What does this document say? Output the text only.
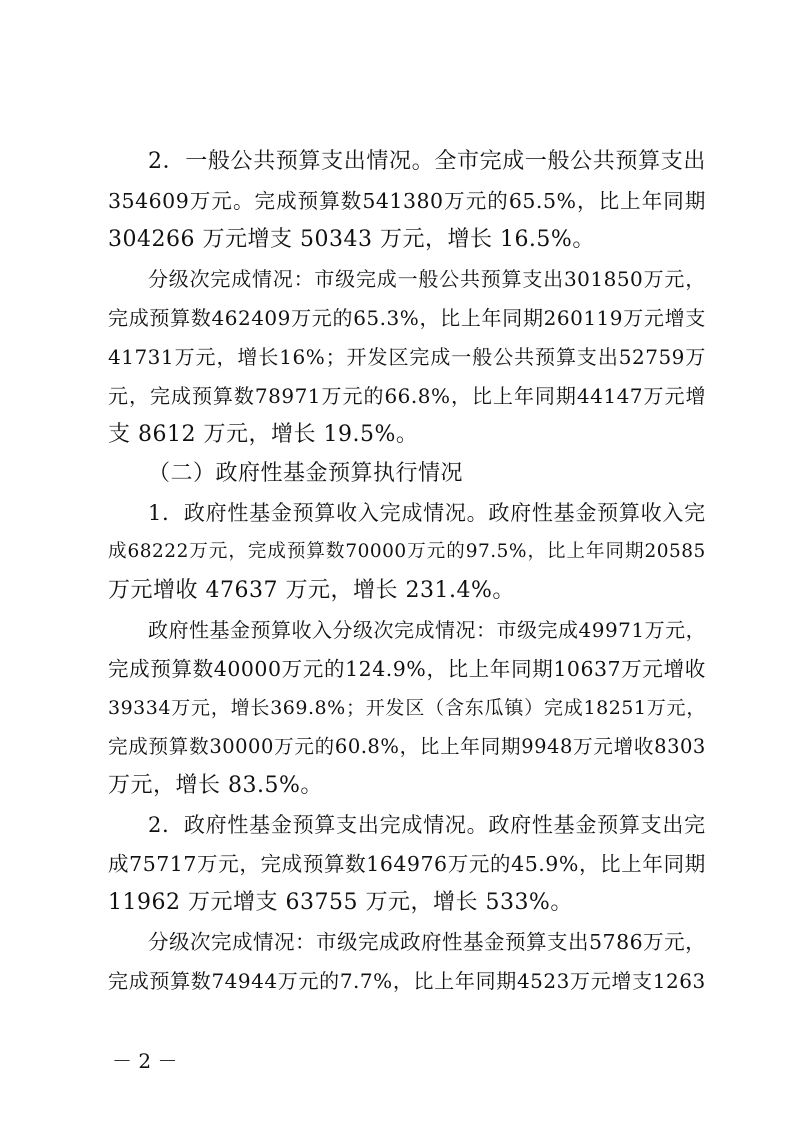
2 ． 一 般 公 共 预 算 支 出 情 况 。 全 市 完 成 一 般 公 共 预 算 支 出
354609 万 元 。 完 成 预 算 数 541380 万 元 的 65.5% ， 比 上 年 同 期
304266 万元增支 50343 万元，增长 16.5%。
分 级 次 完 成 情 况 ： 市 级 完 成 一 般 公 共 预 算 支 出 301850 万 元 ，
完 成 预 算 数 462409 万 元 的 65.3% ， 比 上 年 同 期 260119 万 元 增 支
41731 万 元 ， 增 长 16% ； 开 发 区 完 成 一 般 公 共 预 算 支 出 52759 万
元 ， 完 成 预 算 数 78971 万 元 的 66.8% ， 比 上 年 同 期 44147 万 元 增
支 8612 万元，增长 19.5%。
（二）政府性基金预算执行情况
1 ． 政 府 性 基 金 预 算 收 入 完 成 情 况 。 政 府 性 基 金 预 算 收 入 完
成 68222 万 元 ， 完 成 预 算 数 70000 万 元 的 97.5% ， 比 上 年 同 期 20585
万元增收 47637 万元，增长 231.4%。
政 府 性 基 金 预 算 收 入 分 级 次 完 成 情 况 ： 市 级 完 成 49971 万 元 ，
完 成 预 算 数 40000 万 元 的 124.9% ， 比 上 年 同 期 10637 万 元 增 收
39334 万 元 ， 增 长 369.8% ； 开 发 区 （ 含 东 瓜 镇 ） 完 成 18251 万 元 ，
完 成 预 算 数 30000 万 元 的 60.8% ， 比 上 年 同 期 9948 万 元 增 收 8303
万元，增长 83.5%。
2 ． 政 府 性 基 金 预 算 支 出 完 成 情 况 。 政 府 性 基 金 预 算 支 出 完
成 75717 万 元 ， 完 成 预 算 数 164976 万 元 的 45.9% ， 比 上 年 同 期
11962 万元增支 63755 万元，增长 533%。
分 级 次 完 成 情 况 ： 市 级 完 成 政 府 性 基 金 预 算 支 出 5786 万 元 ，
完 成 预 算 数 74944 万 元 的 7.7% ， 比 上 年 同 期 4523 万 元 增 支 1263
－ 2 －
